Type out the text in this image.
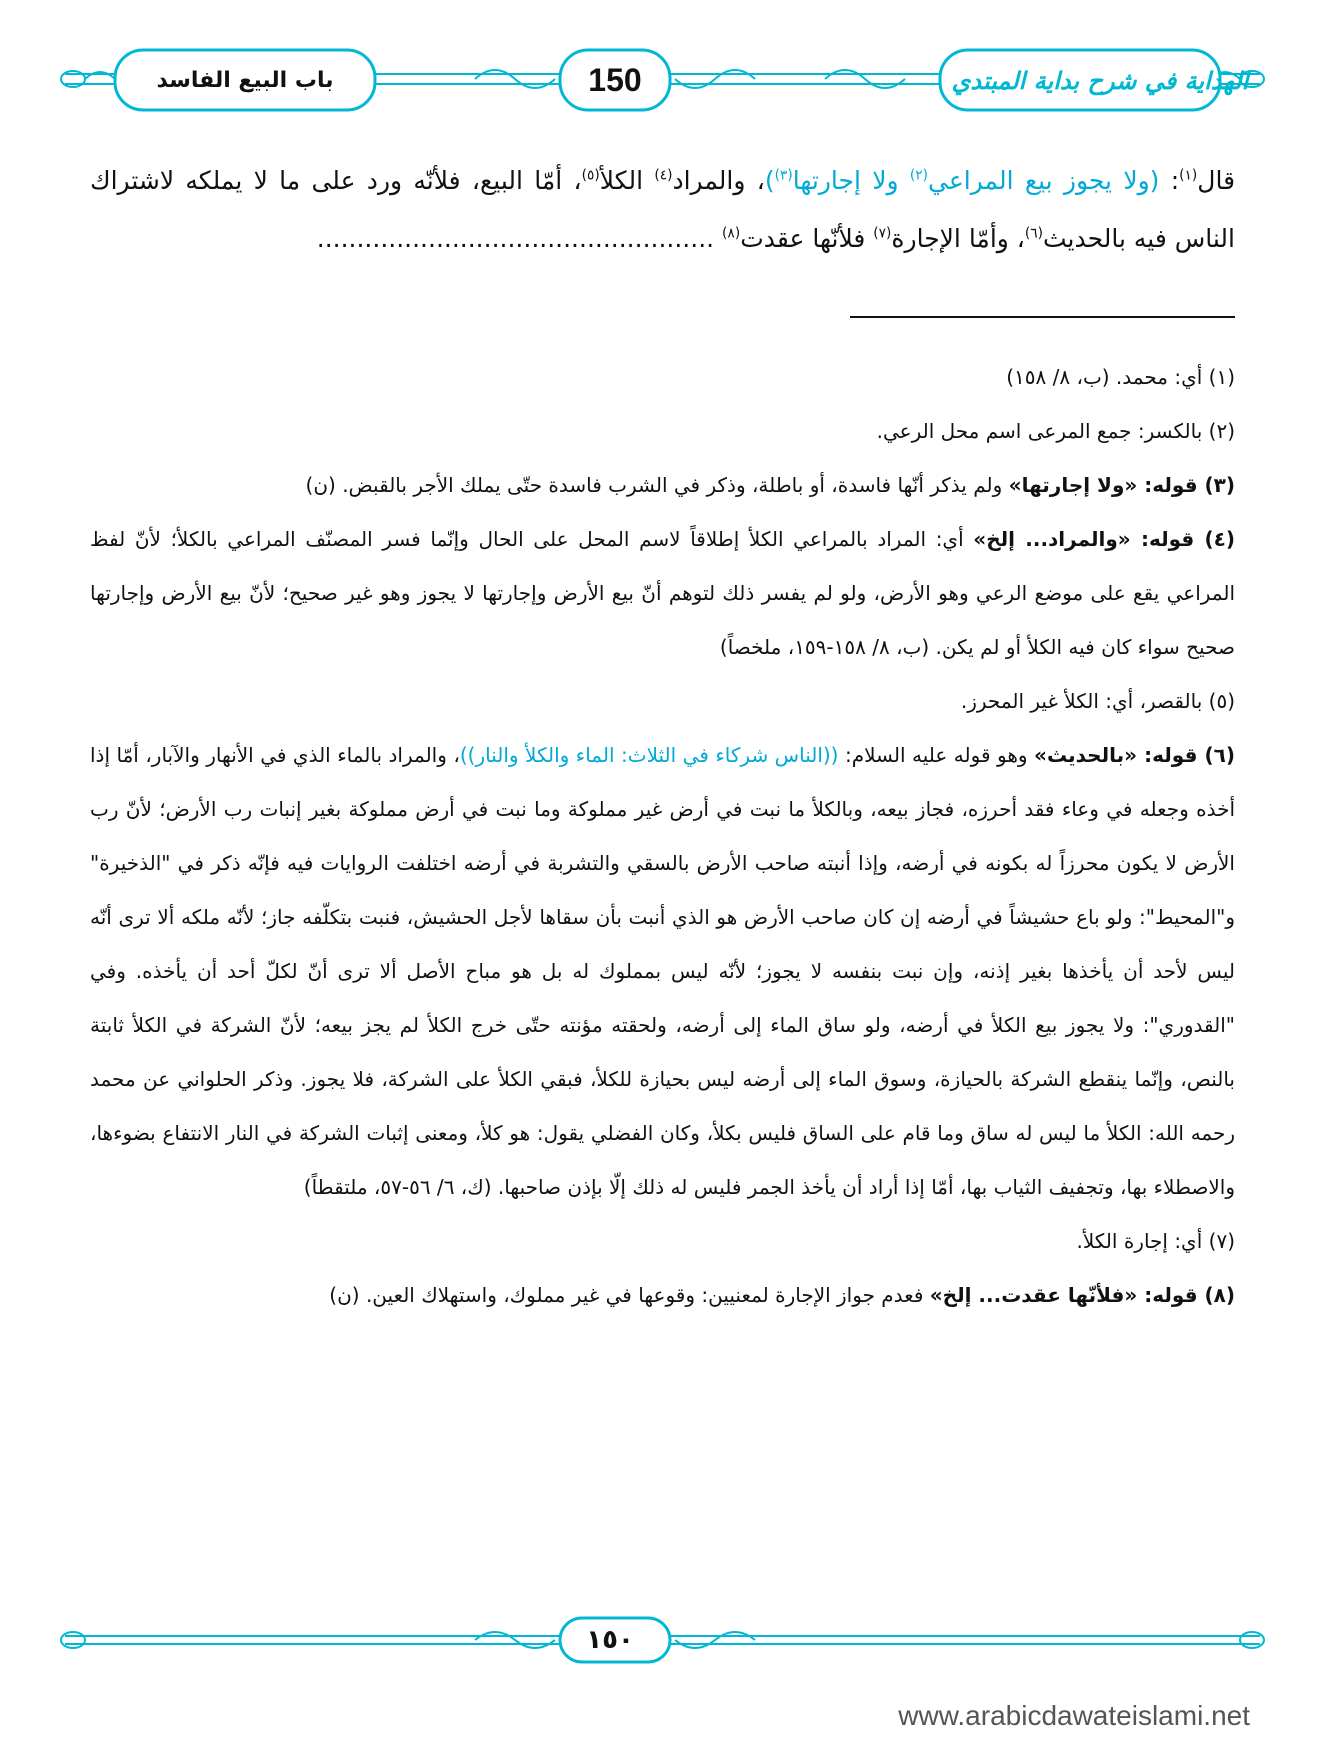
الهداية في شرح بداية المبتدي
150
باب البيع الفاسد

قال$^{(١)}$: (ولا يجوز بيع المراعي$^{(٢)}$ ولا إجارتها$^{(٣)}$)، والمراد$^{(٤)}$ الكلأ$^{(٥)}$، أمّا البيع، فلأنّه ورد على ما لا يملكه لاشتراك الناس فيه بالحديث$^{(٦)}$، وأمّا الإجارة$^{(٧)}$ فلأنّها عقدت$^{(٨)}$ ..................................................

(١) أي: محمد. (ب، ٨/ ١٥٨)

(٢) بالكسر: جمع المرعى اسم محل الرعي.

(٣) قوله: «ولا إجارتها» ولم يذكر أنّها فاسدة، أو باطلة، وذكر في الشرب فاسدة حتّى يملك الأجر بالقبض. (ن)

(٤) قوله: «والمراد... إلخ» أي: المراد بالمراعي الكلأ إطلاقاً لاسم المحل على الحال وإنّما فسر المصنّف المراعي بالكلأ؛ لأنّ لفظ المراعي يقع على موضع الرعي وهو الأرض، ولو لم يفسر ذلك لتوهم أنّ بيع الأرض وإجارتها لا يجوز وهو غير صحيح؛ لأنّ بيع الأرض وإجارتها صحيح سواء كان فيه الكلأ أو لم يكن. (ب، ٨/ ١٥٨-١٥٩، ملخصاً)

(٥) بالقصر، أي: الكلأ غير المحرز.

(٦) قوله: «بالحديث» وهو قوله عليه السلام: ((الناس شركاء في الثلاث: الماء والكلأ والنار))، والمراد بالماء الذي في الأنهار والآبار، أمّا إذا أخذه وجعله في وعاء فقد أحرزه، فجاز بيعه، وبالكلأ ما نبت في أرض غير مملوكة وما نبت في أرض مملوكة بغير إنبات رب الأرض؛ لأنّ رب الأرض لا يكون محرزاً له بكونه في أرضه، وإذا أنبته صاحب الأرض بالسقي والتشربة في أرضه اختلفت الروايات فيه فإنّه ذكر في "الذخيرة" و"المحيط": ولو باع حشيشاً في أرضه إن كان صاحب الأرض هو الذي أنبت بأن سقاها لأجل الحشيش، فنبت بتكلّفه جاز؛ لأنّه ملكه ألا ترى أنّه ليس لأحد أن يأخذها بغير إذنه، وإن نبت بنفسه لا يجوز؛ لأنّه ليس بمملوك له بل هو مباح الأصل ألا ترى أنّ لكلّ أحد أن يأخذه. وفي "القدوري": ولا يجوز بيع الكلأ في أرضه، ولو ساق الماء إلى أرضه، ولحقته مؤنته حتّى خرج الكلأ لم يجز بيعه؛ لأنّ الشركة في الكلأ ثابتة بالنص، وإنّما ينقطع الشركة بالحيازة، وسوق الماء إلى أرضه ليس بحيازة للكلأ، فبقي الكلأ على الشركة، فلا يجوز. وذكر الحلواني عن محمد رحمه الله: الكلأ ما ليس له ساق وما قام على الساق فليس بكلأ، وكان الفضلي يقول: هو كلأ، ومعنى إثبات الشركة في النار الانتفاع بضوءها، والاصطلاء بها، وتجفيف الثياب بها، أمّا إذا أراد أن يأخذ الجمر فليس له ذلك إلّا بإذن صاحبها. (ك، ٦/ ٥٦-٥٧، ملتقطاً)

(٧) أي: إجارة الكلأ.

(٨) قوله: «فلأنّها عقدت... إلخ» فعدم جواز الإجارة لمعنيين: وقوعها في غير مملوك، واستهلاك العين. (ن)

١٥٠
www.arabicdawateislami.net
